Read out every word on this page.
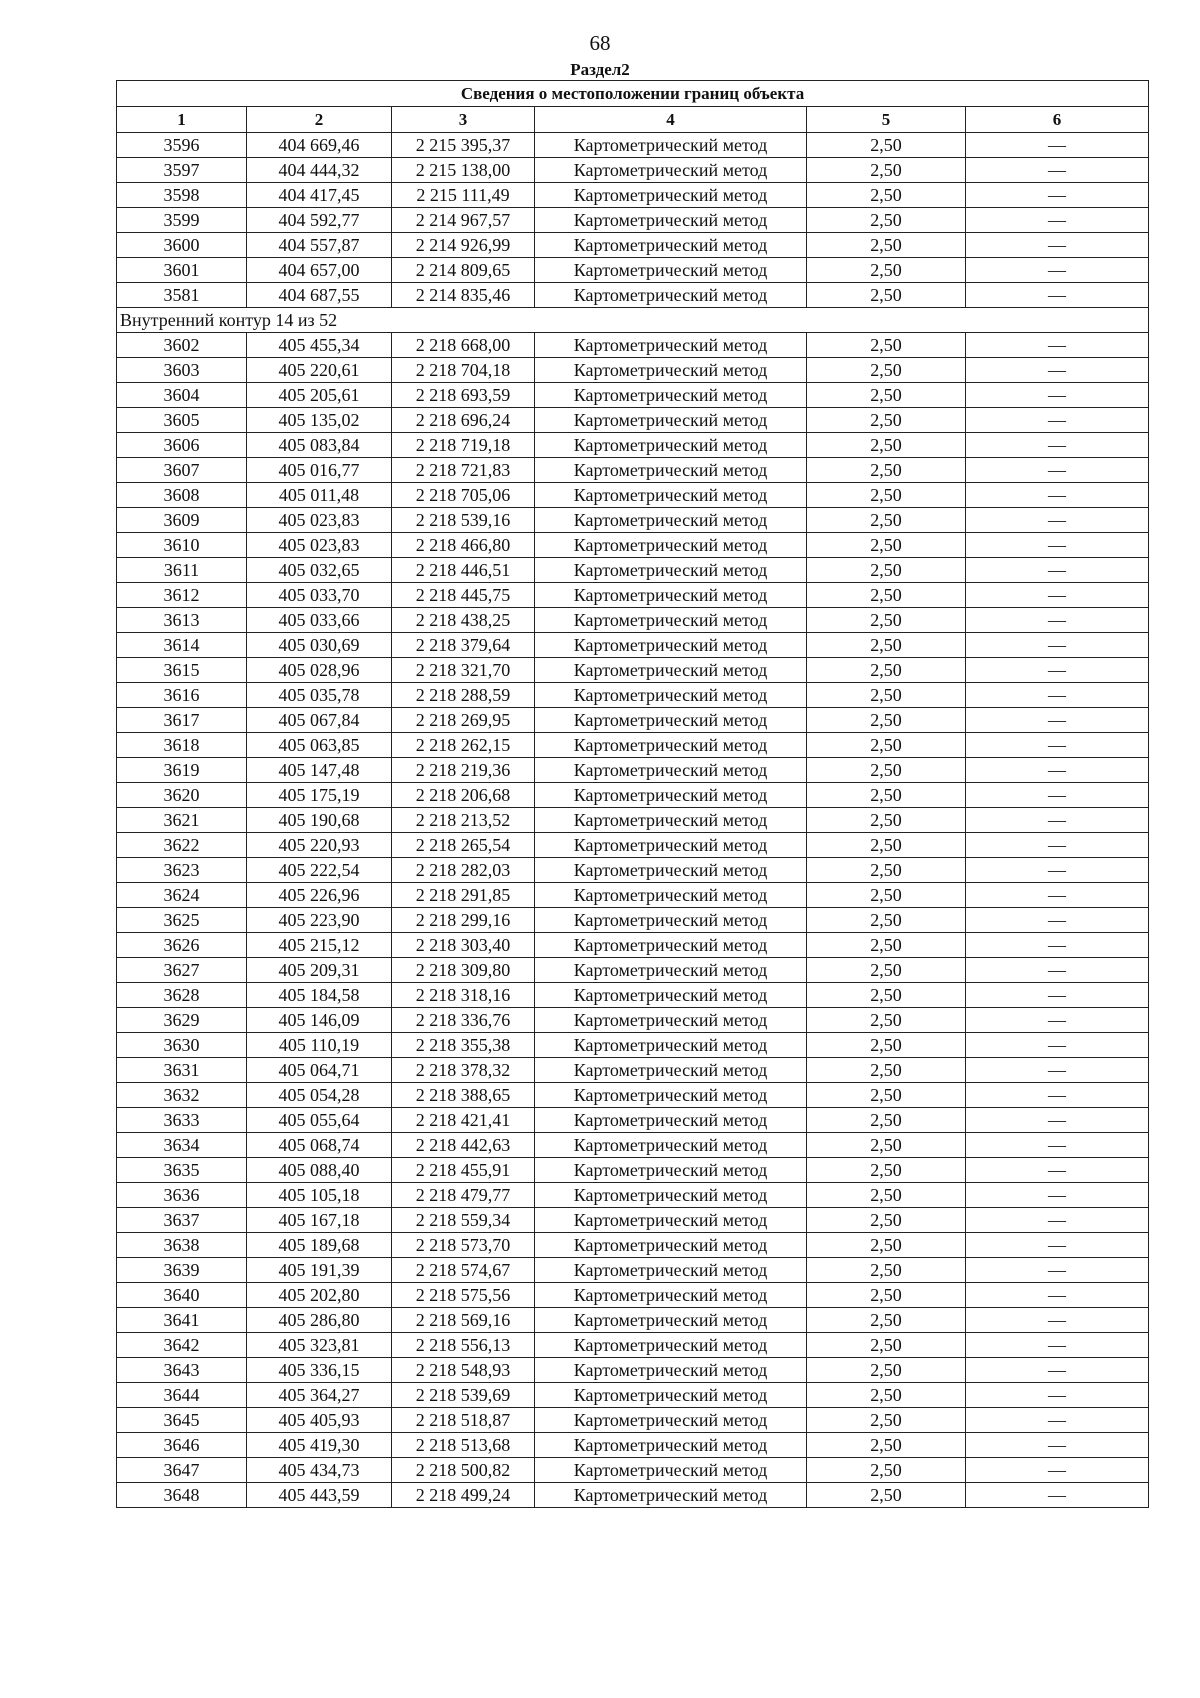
68
Раздел2
Сведения о местоположении границ объекта					
1	2	3	4	5	6
3596	404 669,46	2 215 395,37	Картометрический метод	2,50	—
3597	404 444,32	2 215 138,00	Картометрический метод	2,50	—
3598	404 417,45	2 215 111,49	Картометрический метод	2,50	—
3599	404 592,77	2 214 967,57	Картометрический метод	2,50	—
3600	404 557,87	2 214 926,99	Картометрический метод	2,50	—
3601	404 657,00	2 214 809,65	Картометрический метод	2,50	—
3581	404 687,55	2 214 835,46	Картометрический метод	2,50	—
Внутренний контур 14 из 52					
3602	405 455,34	2 218 668,00	Картометрический метод	2,50	—
3603	405 220,61	2 218 704,18	Картометрический метод	2,50	—
3604	405 205,61	2 218 693,59	Картометрический метод	2,50	—
3605	405 135,02	2 218 696,24	Картометрический метод	2,50	—
3606	405 083,84	2 218 719,18	Картометрический метод	2,50	—
3607	405 016,77	2 218 721,83	Картометрический метод	2,50	—
3608	405 011,48	2 218 705,06	Картометрический метод	2,50	—
3609	405 023,83	2 218 539,16	Картометрический метод	2,50	—
3610	405 023,83	2 218 466,80	Картометрический метод	2,50	—
3611	405 032,65	2 218 446,51	Картометрический метод	2,50	—
3612	405 033,70	2 218 445,75	Картометрический метод	2,50	—
3613	405 033,66	2 218 438,25	Картометрический метод	2,50	—
3614	405 030,69	2 218 379,64	Картометрический метод	2,50	—
3615	405 028,96	2 218 321,70	Картометрический метод	2,50	—
3616	405 035,78	2 218 288,59	Картометрический метод	2,50	—
3617	405 067,84	2 218 269,95	Картометрический метод	2,50	—
3618	405 063,85	2 218 262,15	Картометрический метод	2,50	—
3619	405 147,48	2 218 219,36	Картометрический метод	2,50	—
3620	405 175,19	2 218 206,68	Картометрический метод	2,50	—
3621	405 190,68	2 218 213,52	Картометрический метод	2,50	—
3622	405 220,93	2 218 265,54	Картометрический метод	2,50	—
3623	405 222,54	2 218 282,03	Картометрический метод	2,50	—
3624	405 226,96	2 218 291,85	Картометрический метод	2,50	—
3625	405 223,90	2 218 299,16	Картометрический метод	2,50	—
3626	405 215,12	2 218 303,40	Картометрический метод	2,50	—
3627	405 209,31	2 218 309,80	Картометрический метод	2,50	—
3628	405 184,58	2 218 318,16	Картометрический метод	2,50	—
3629	405 146,09	2 218 336,76	Картометрический метод	2,50	—
3630	405 110,19	2 218 355,38	Картометрический метод	2,50	—
3631	405 064,71	2 218 378,32	Картометрический метод	2,50	—
3632	405 054,28	2 218 388,65	Картометрический метод	2,50	—
3633	405 055,64	2 218 421,41	Картометрический метод	2,50	—
3634	405 068,74	2 218 442,63	Картометрический метод	2,50	—
3635	405 088,40	2 218 455,91	Картометрический метод	2,50	—
3636	405 105,18	2 218 479,77	Картометрический метод	2,50	—
3637	405 167,18	2 218 559,34	Картометрический метод	2,50	—
3638	405 189,68	2 218 573,70	Картометрический метод	2,50	—
3639	405 191,39	2 218 574,67	Картометрический метод	2,50	—
3640	405 202,80	2 218 575,56	Картометрический метод	2,50	—
3641	405 286,80	2 218 569,16	Картометрический метод	2,50	—
3642	405 323,81	2 218 556,13	Картометрический метод	2,50	—
3643	405 336,15	2 218 548,93	Картометрический метод	2,50	—
3644	405 364,27	2 218 539,69	Картометрический метод	2,50	—
3645	405 405,93	2 218 518,87	Картометрический метод	2,50	—
3646	405 419,30	2 218 513,68	Картометрический метод	2,50	—
3647	405 434,73	2 218 500,82	Картометрический метод	2,50	—
3648	405 443,59	2 218 499,24	Картометрический метод	2,50	—
